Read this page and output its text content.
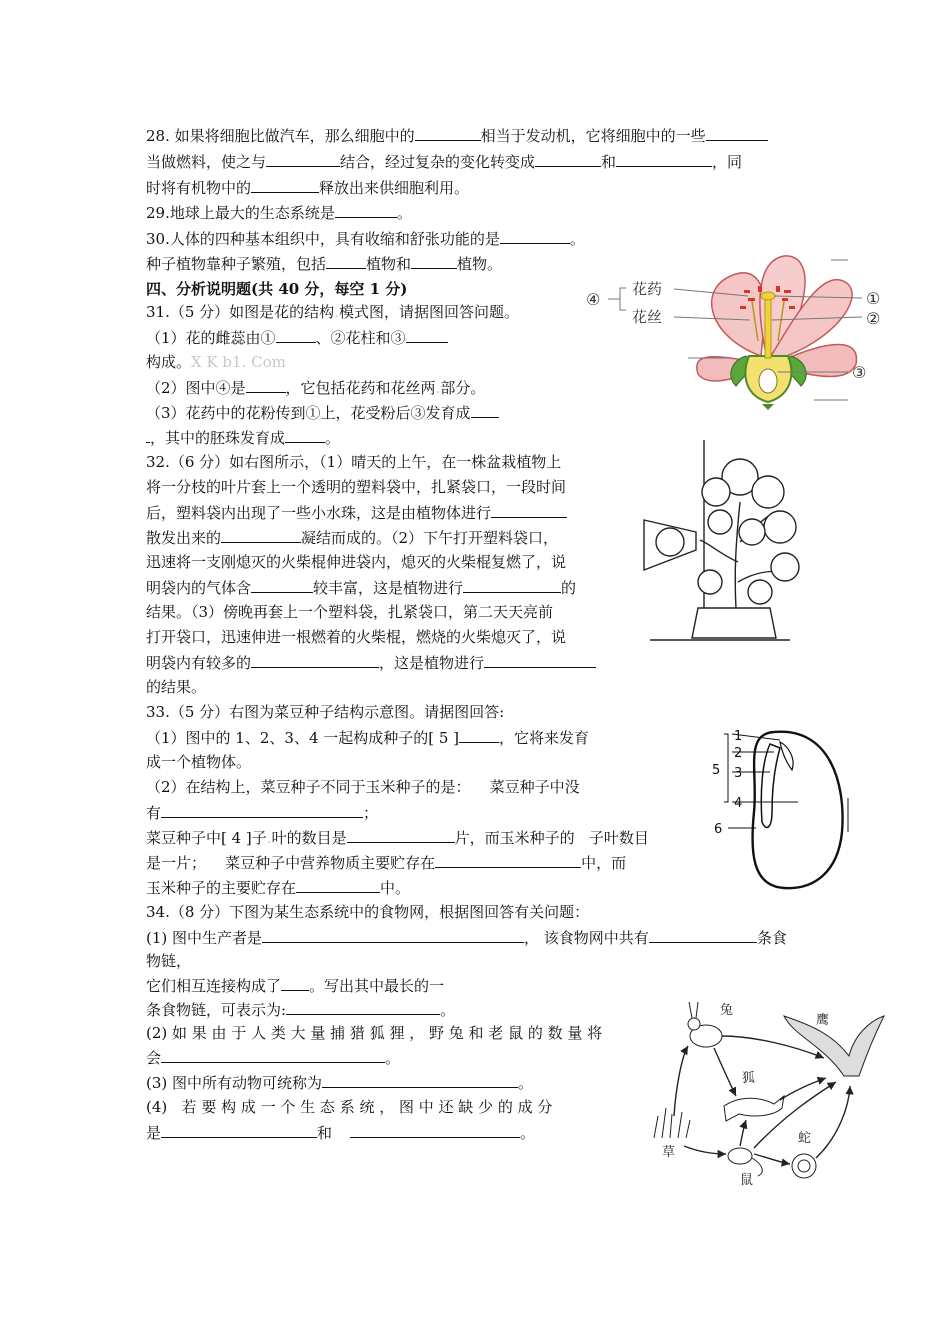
28. 如果将细胞比做汽车，那么细胞中的	相当于发动机，它将细胞中的一些
当做燃料，使之与	结合，经过复杂的变化转变成	和	，同
时将有机物中的	释放出来供细胞利用。
29.地球上最大的生态系统是	。
30.人体的四种基本组织中，具有收缩和舒张功能的是	。
种子植物靠种子繁殖，包括	植物和	植物。
四、分析说明题(共 40 分，每空 1 分)
31.（5 分）如图是花的结构.模式图，请据图回答问题。
（1）花的雌蕊由①	、②花柱和③
构成。X K b1. Com
（2）图中④是	，它包括花药和花丝两.部分。
（3）花药中的花粉传到①上，花受粉后③发育成
，其中的胚珠发育成	。
④
花药
花丝
①
②
③
32.（6 分）如右图所示，（1）晴天的上午，在一株盆栽植物上
将一分枝的叶片套上一个透明的塑料袋中，扎紧袋口，一段时间
后，塑料袋内出现了一些小水珠，这是由植物体进行
散发出来的	凝结而成的。（2）下午打开塑料袋口，
迅速将一支刚熄灭的火柴棍伸进袋内，熄灭的火柴棍复燃了，说
明袋内的气体含	较丰富，这是植物进行	的
结果。（3）傍晚再套上一个塑料袋，扎紧袋口，第二天天亮前
打开袋口，迅速伸进一根燃着的火柴棍，燃烧的火柴熄灭了，说
明袋内有较多的	，这是植物进行
的结果。
33.（5 分）右图为菜豆种子结构示意图。请据图回答:
（1）图中的 1、2、3、4 一起构成种子的[ 5 ]	，它将来发育
成一个植物体。
（2）在结构上，菜豆种子不同于玉米种子的是：    菜豆种子中没
有	；
菜豆种子中[ 4 ]子.叶的数目是	片，而玉米种子的   子叶数目
是一片；    菜豆种子中营养物质主要贮存在	中，而
玉米种子的主要贮存在	中。
1
2
3
4
5
6
34.（8 分）下图为某生态系统中的食物网，根据图回答有关问题：
(1) 图中生产者是	， 该食物网中共有	条食
物链，
它们相互连接构成了 。写出其中最长的一
条食物链，可表示为:	。
(2) 如 果 由 于 人 类 大 量 捕 猎 狐 狸 ， 野 兔 和 老 鼠 的 数 量 将
会	。
(3) 图中所有动物可统称为	。
(4)   若 要 构 成 一 个 生 态 系 统 ， 图 中 还 缺 少 的 成 分
是	和	。
兔
鹰
狐
蛇
草
鼠
